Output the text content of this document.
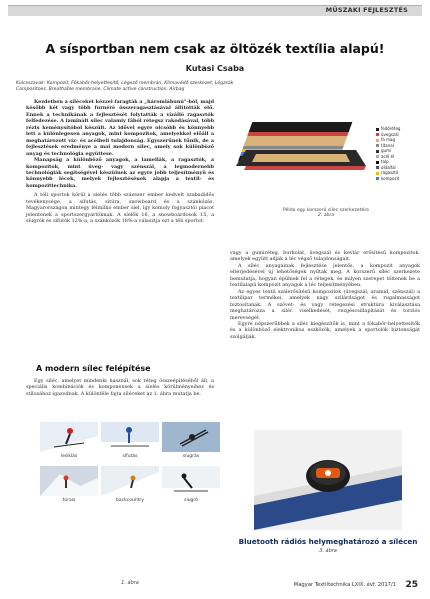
MŰSZAKI FEJLESZTÉS
A sísportban nem csak az öltözék textília alapú!
Kutasi Csaba
Kulcsszavak: Kompozit, Fókabőr-helyettesítő, Légező membrán, Klímavédő szerkezet, Légzsák
Compositoes, Breathable membrane, Climate active construction, Airbag

Kezdetben a síléceket kézzel faragták a „háromlábunú"-ból, majd később két vagy több furnéré összeragasztásával állították elő. Ennek a technikának a fejlesztését folytatták a vízálló ragasztók felfedezése. A laminált sílec valamiy fából rétegsz rakodásával, több rézts keménysítóbol készült. Az idővel egyre olcsóbb és könnyebb lett a különlegesen anyagok, mint kompozitok, amelyekkel előáll a meghatározott víz- és acélbeli tulajdonság. Egyszerűnek tűnik, de a fejlesztések eredménye a mai modern sílec, amely sok különböző anyag és technológia együttese.

Manapság a különböző anyagok, a lamellák, a ragasztók, a kompozitok, mint üveg- vagy szénszál, a legmodernebb technológiák segítségével készülnek az egyre jobb teljesítményű és könnyebb lécek, melyek fejlesztésének alapja a textil- és kompozittechnika.

A téli sportok körül a síelés több százezer ember kedvelt szabadidős tevékenysége, a sífutás, sítúra, snowboard és a szánkózás. Magyarországon mintegy félmillió ember síel, így komoly fogyasztói piacot jelentenek a sportszergyártóknak. A síelők 16, a snowboardosok 15, a síugrók és sífutók 12%-a, a szánkózók 18%-a választja ezt a téli sportot.

A modern sílec felépítése

Egy síléc, amelyet mindenki használ, sok réteg összeépítéséből áll, a speciális kombinációk és komponensek a síelés körülményeihez és stílusához igazodnak. A különféle fajta síléceket az 1. ábra mutatja be.

lesiklás	sífutás	síugrás
túrasí	backcountry	síugró
1. ábra
fedőréteg
üvegszál
fa mag
titanal
gumi
acél él
talp
oldalfal
ragasztó
kompozit
Példa egy korszerű sílec szerkezetére
2. ábra

vagy a gumiréteg, burkolat, üvegszál és kevlár erősítésű kompozitok, amelyek együtt adják a léc végső tulajdonságait.

A síléc anyagainak fejlesztése jelentős, a kompozit anyagok elterjedésével új lehetőségek nyíltak meg. A korszerű síléc szerkezete bemutatja, hogyan épülnek fel a rétegek, és milyen szerepet töltenek be a textilalapú kompozit anyagok a léc teljesítményében.

Az egyes textil szálerősítésű kompozitok (üvegszál, aramid, szénszál) a textilipar termékei, amelyek nagy szilárdságot és rugalmasságot biztosítanak. A szövet- és vagy rétegezési struktúra kiválasztása meghatározza a síléc viselkedését, rezgéscsillapítását és torziós merevségét.

Egyre népszerűbbek a síléc kiegészítők is, mint a fókabőr-helyettesítők és a különböző elektronikus eszközök, amelyek a sportolók biztonságát szolgálják.

Bluetooth rádiós helymeghatározó a sílécen
3. ábra
Magyar Textiltechnika LXIX. évf. 2017/1 25
